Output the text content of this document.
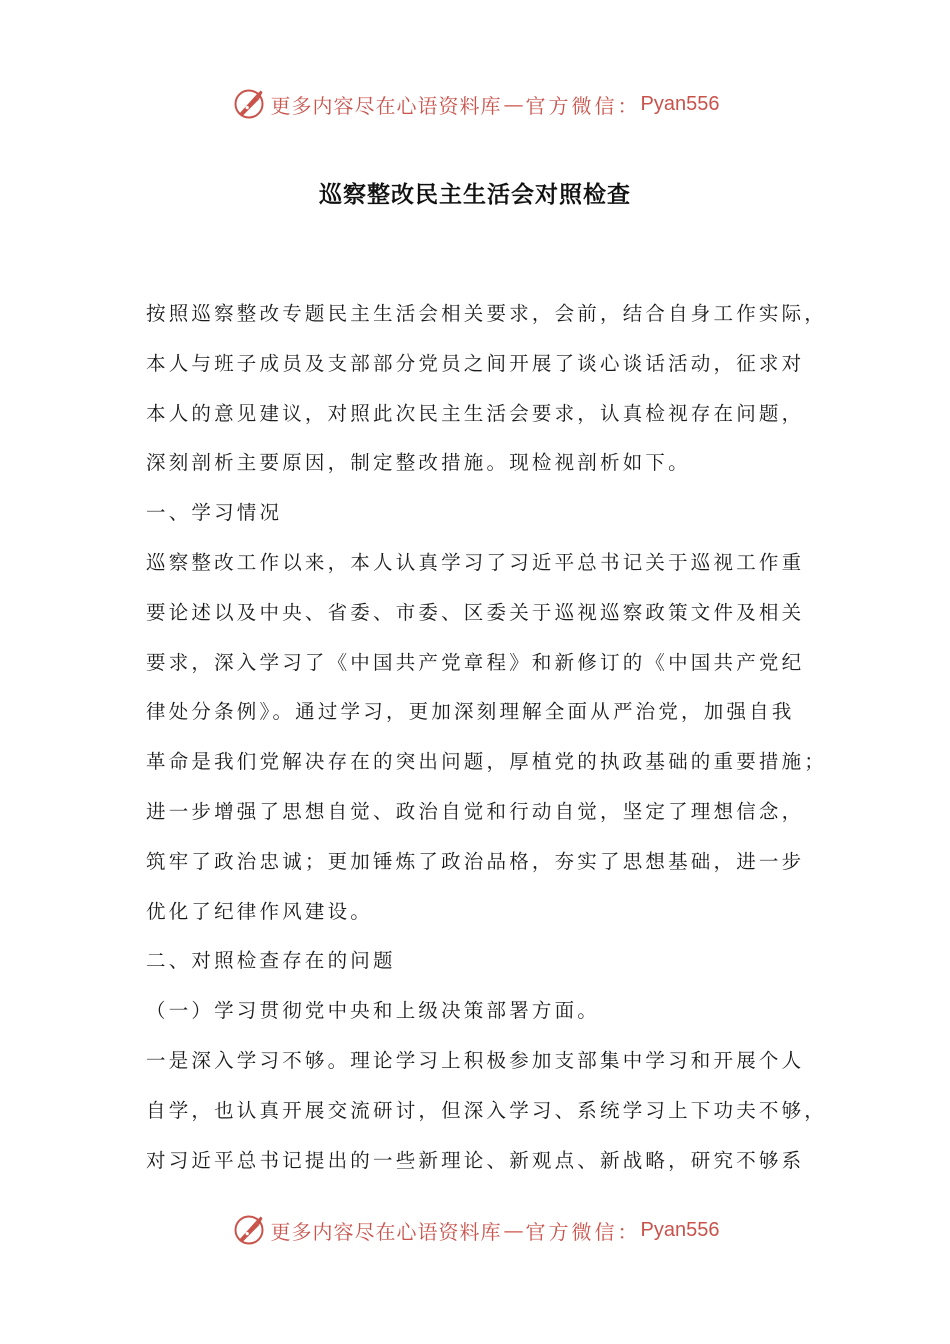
更多内容尽在心语资料库 — 官方微信： Pyan556
巡察整改民主生活会对照检查
按照巡察整改专题民主生活会相关要求，会前，结合自身工作实际，
本人与班子成员及支部部分党员之间开展了谈心谈话活动，征求对
本人的意见建议，对照此次民主生活会要求，认真检视存在问题，
深刻剖析主要原因，制定整改措施。现检视剖析如下。
一、学习情况
巡察整改工作以来，本人认真学习了习近平总书记关于巡视工作重
要论述以及中央、省委、市委、区委关于巡视巡察政策文件及相关
要求，深入学习了《中国共产党章程》和新修订的《中国共产党纪
律处分条例》。通过学习，更加深刻理解全面从严治党，加强自我
革命是我们党解决存在的突出问题，厚植党的执政基础的重要措施；
进一步增强了思想自觉、政治自觉和行动自觉，坚定了理想信念，
筑牢了政治忠诚；更加锤炼了政治品格，夯实了思想基础，进一步
优化了纪律作风建设。
二、对照检查存在的问题
（一）学习贯彻党中央和上级决策部署方面。
一是深入学习不够。理论学习上积极参加支部集中学习和开展个人
自学，也认真开展交流研讨，但深入学习、系统学习上下功夫不够，
对习近平总书记提出的一些新理论、新观点、新战略，研究不够系
更多内容尽在心语资料库 — 官方微信： Pyan556
